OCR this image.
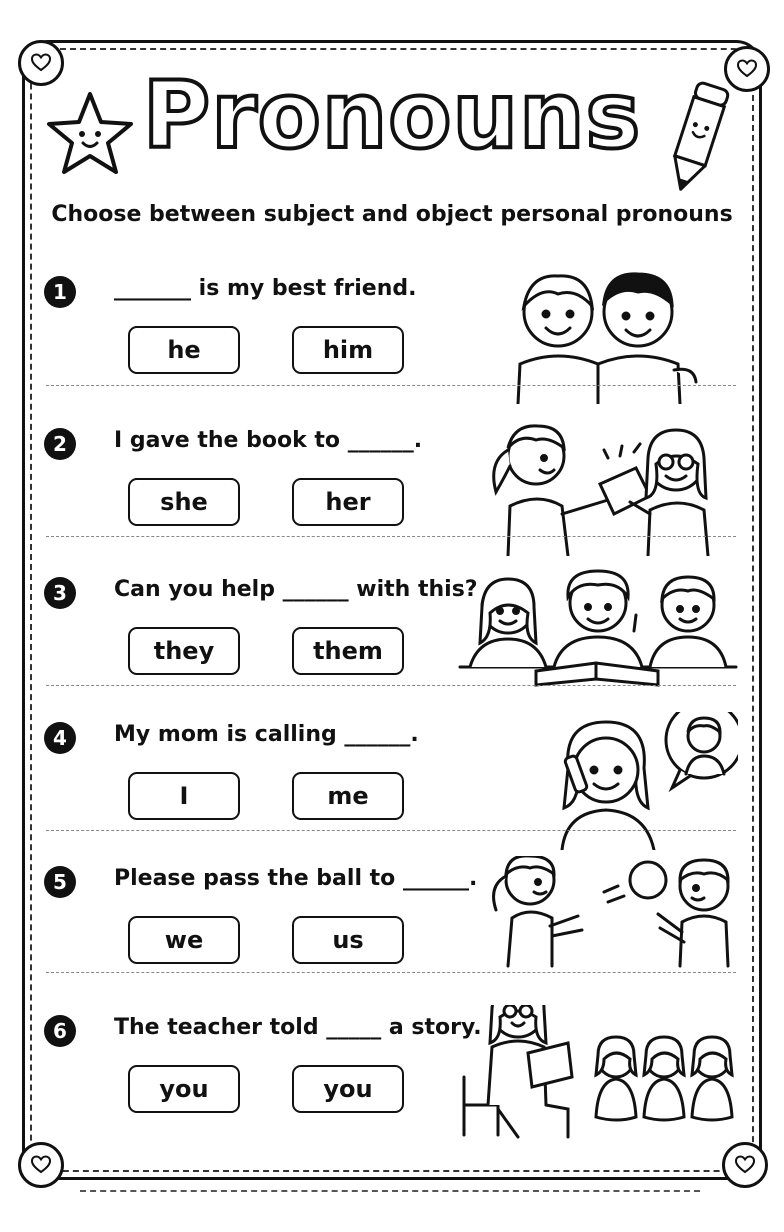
Pronouns
Choose between subject and object personal pronouns
1	_______ is my best friend.
he	him
2	I gave the book to ______.
she	her
3	Can you help ______ with this?
they	them
4	My mom is calling ______.
I	me
5	Please pass the ball to ______.
we	us
6	The teacher told _____ a story.
you	you
